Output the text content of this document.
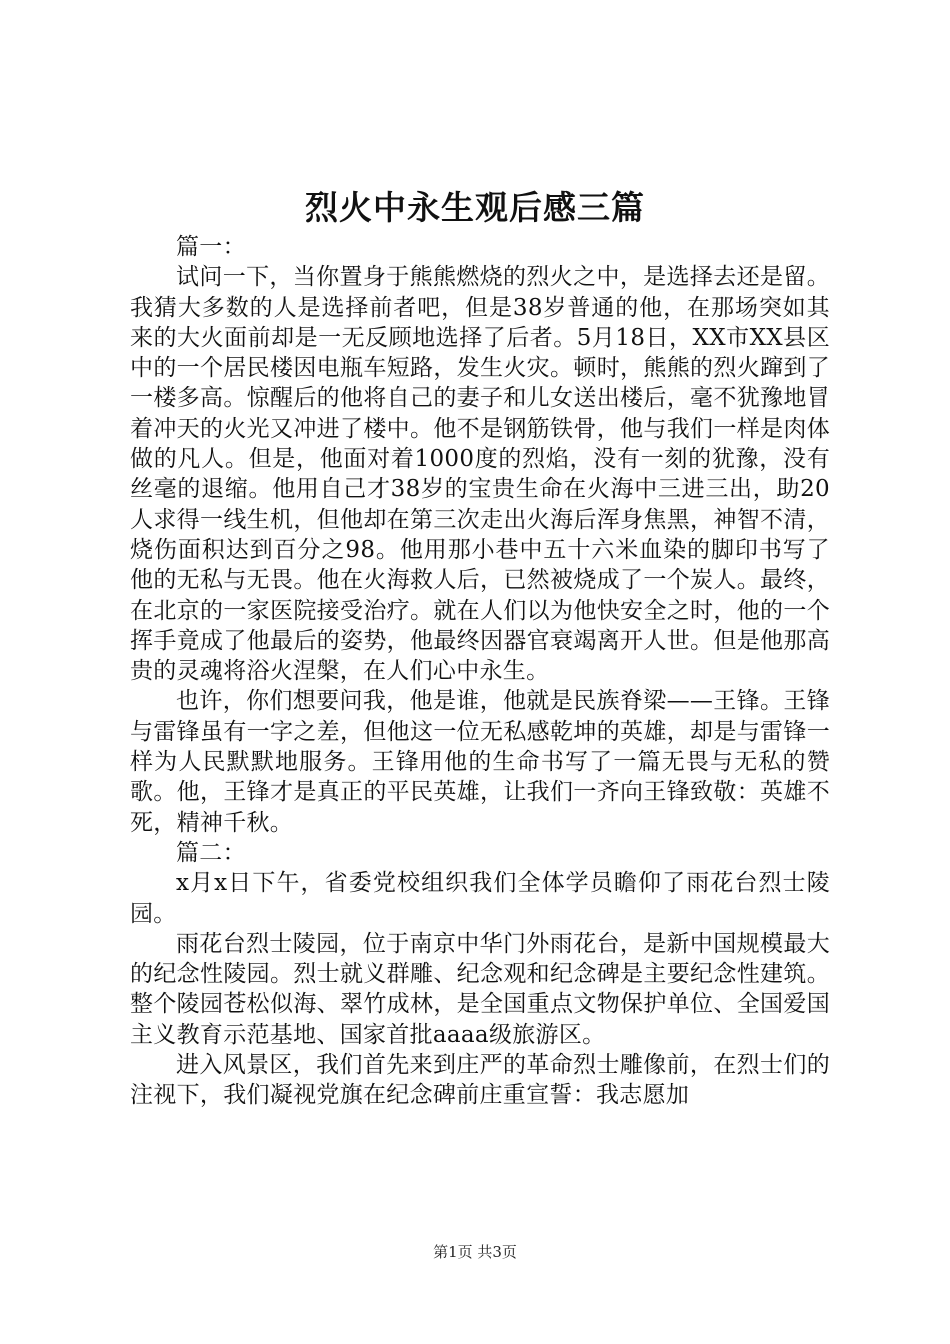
烈火中永生观后感三篇

篇一：

试问一下，当你置身于熊熊燃烧的烈火之中，是选择去还是留。我猜大多数的人是选择前者吧，但是38岁普通的他，在那场突如其来的大火面前却是一无反顾地选择了后者。5月18日，XX市XX县区中的一个居民楼因电瓶车短路，发生火灾。顿时，熊熊的烈火蹿到了一楼多高。惊醒后的他将自己的妻子和儿女送出楼后，毫不犹豫地冒着冲天的火光又冲进了楼中。他不是钢筋铁骨，他与我们一样是肉体做的凡人。但是，他面对着1000度的烈焰，没有一刻的犹豫，没有丝毫的退缩。他用自己才38岁的宝贵生命在火海中三进三出，助20人求得一线生机，但他却在第三次走出火海后浑身焦黑，神智不清，烧伤面积达到百分之98。他用那小巷中五十六米血染的脚印书写了他的无私与无畏。他在火海救人后，已然被烧成了一个炭人。最终，在北京的一家医院接受治疗。就在人们以为他快安全之时，他的一个挥手竟成了他最后的姿势，他最终因器官衰竭离开人世。但是他那高贵的灵魂将浴火涅槃，在人们心中永生。

也许，你们想要问我，他是谁，他就是民族脊梁——王锋。王锋与雷锋虽有一字之差，但他这一位无私感乾坤的英雄，却是与雷锋一样为人民默默地服务。王锋用他的生命书写了一篇无畏与无私的赞歌。他，王锋才是真正的平民英雄，让我们一齐向王锋致敬：英雄不死，精神千秋。

篇二：

x月x日下午，省委党校组织我们全体学员瞻仰了雨花台烈士陵园。

雨花台烈士陵园，位于南京中华门外雨花台，是新中国规模最大的纪念性陵园。烈士就义群雕、纪念观和纪念碑是主要纪念性建筑。整个陵园苍松似海、翠竹成林，是全国重点文物保护单位、全国爱国主义教育示范基地、国家首批aaaa级旅游区。

进入风景区，我们首先来到庄严的革命烈士雕像前，在烈士们的注视下，我们凝视党旗在纪念碑前庄重宣誓：我志愿加

第1页 共3页
